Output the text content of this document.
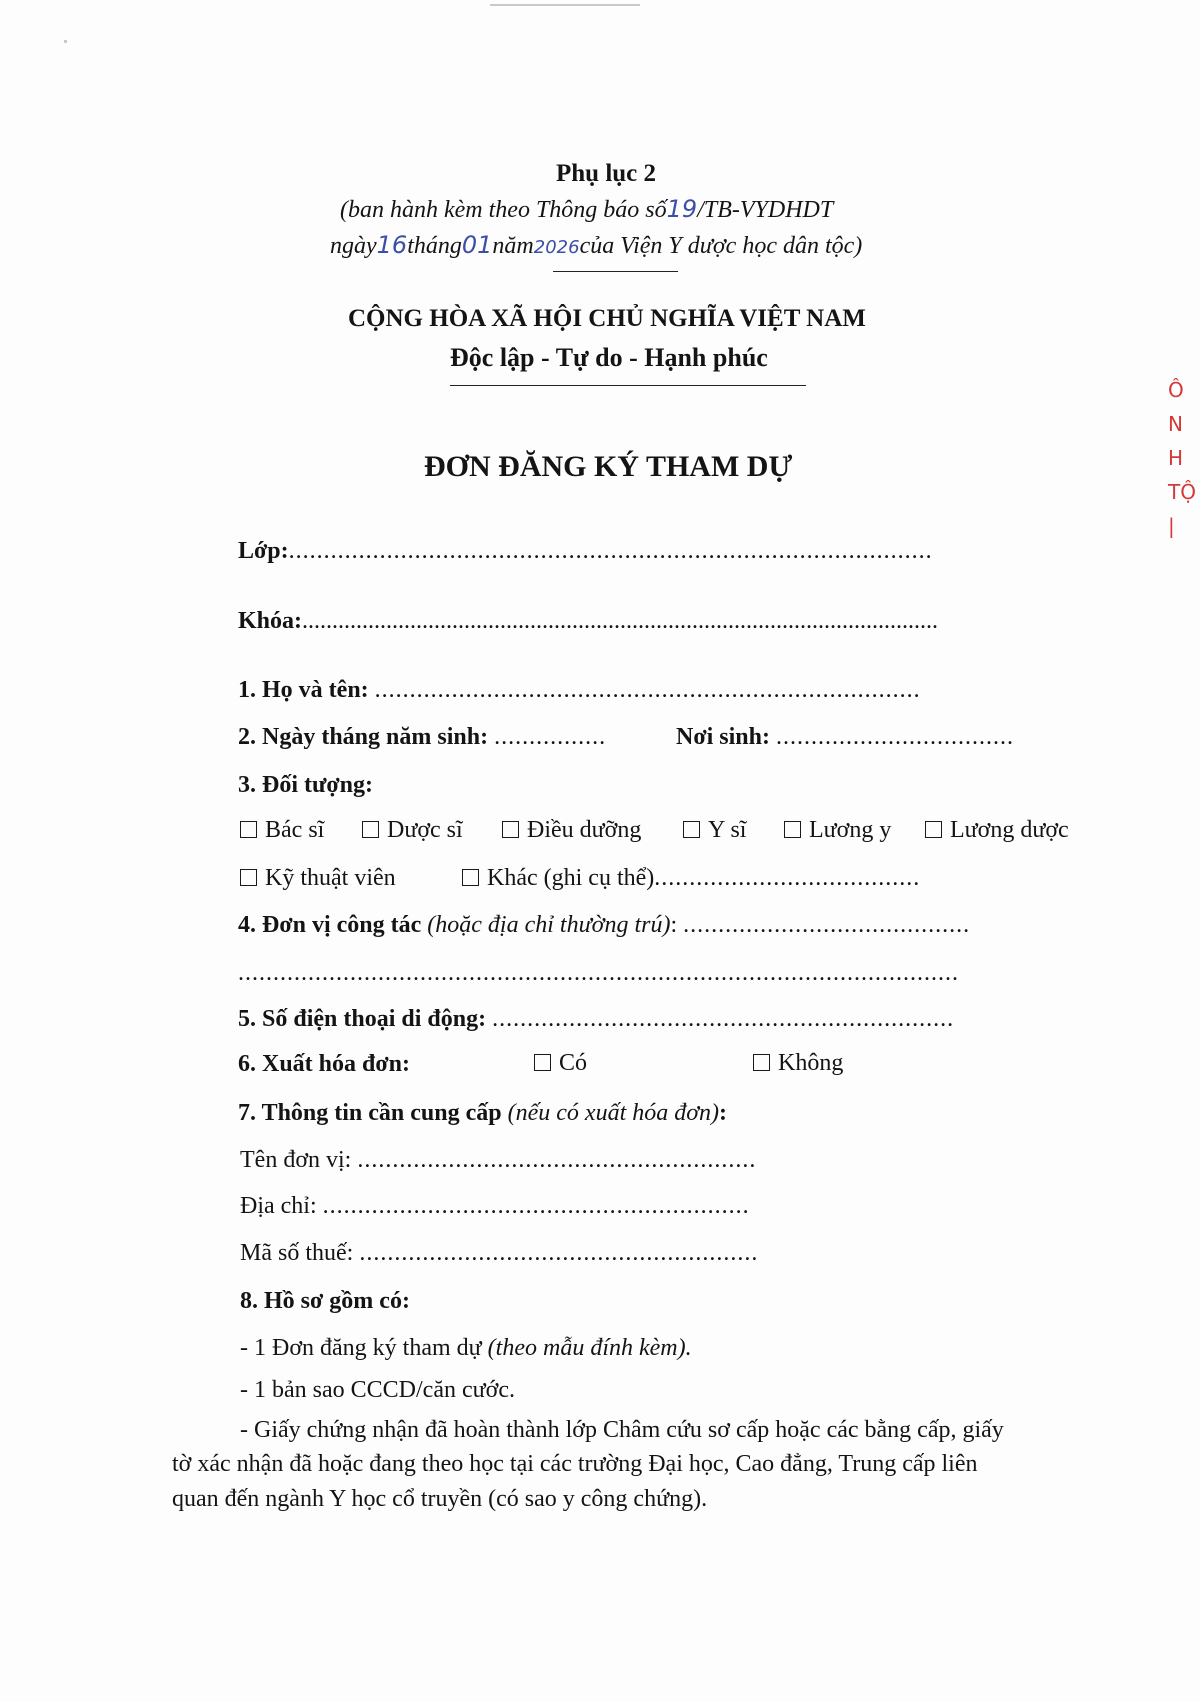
Phụ lục 2
(ban hành kèm theo Thông báo số19/TB-VYDHDT
ngày16tháng01năm2026của Viện Y dược học dân tộc)
CỘNG HÒA XÃ HỘI CHỦ NGHĨA VIỆT NAM
Độc lập - Tự do - Hạnh phúc
ĐƠN ĐĂNG KÝ THAM DỰ
Lớp:............................................................................................
Khóa:..........................................................................................................
1. Họ và tên: ..............................................................................
2. Ngày tháng năm sinh: ................	Nơi sinh: ..................................
3. Đối tượng:
Bác sĩ	Dược sĩ	Điều dưỡng	Y sĩ	Lương y	Lương dược
Kỹ thuật viên	Khác (ghi cụ thể)......................................
4. Đơn vị công tác (hoặc địa chỉ thường trú): .........................................
.......................................................................................................
5. Số điện thoại di động: ..................................................................
6. Xuất hóa đơn:	Có	Không
7. Thông tin cần cung cấp (nếu có xuất hóa đơn):
Tên đơn vị: .........................................................
Địa chỉ: .............................................................
Mã số thuế: .........................................................
8. Hồ sơ gồm có:
- 1 Đơn đăng ký tham dự (theo mẫu đính kèm).
- 1 bản sao CCCD/căn cước.
- Giấy chứng nhận đã hoàn thành lớp Châm cứu sơ cấp hoặc các bằng cấp, giấy
tờ xác nhận đã hoặc đang theo học tại các trường Đại học, Cao đẳng, Trung cấp liên
quan đến ngành Y học cổ truyền (có sao y công chứng).
Ô
N
H
TỘ
|
